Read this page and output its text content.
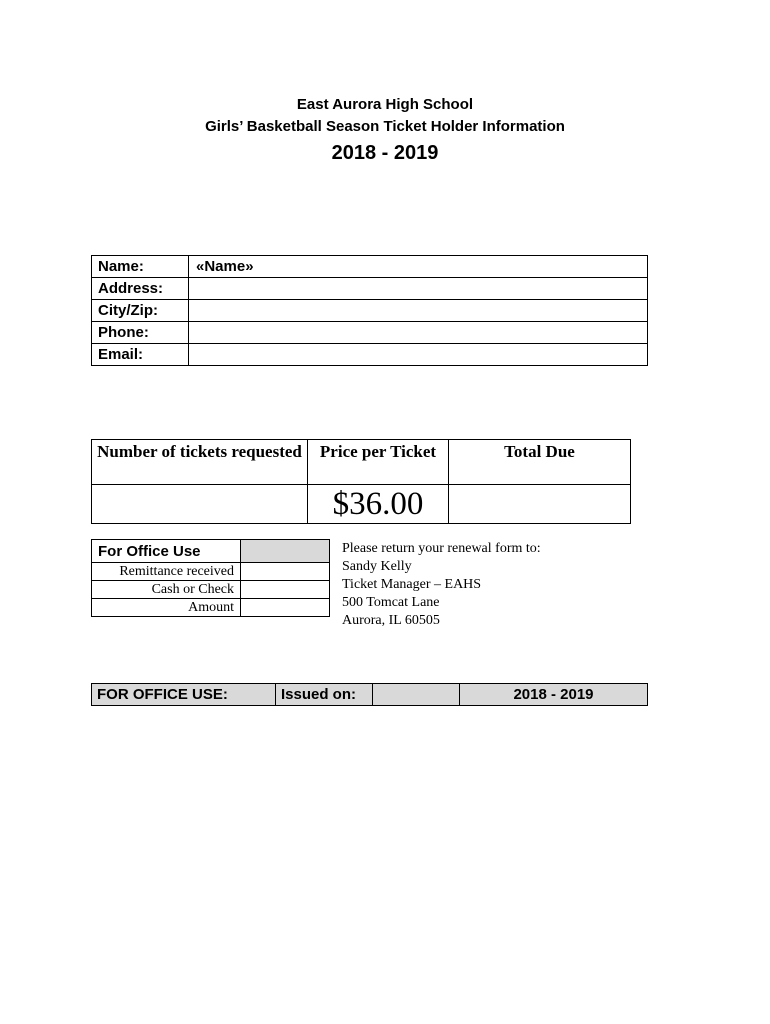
East Aurora High School
Girls’ Basketball Season Ticket Holder Information
2018 - 2019
Name:	«Name»
Address:	
City/Zip:	
Phone:	
Email:	
Number of tickets requested	Price per Ticket	Total Due
	$36.00	
For Office Use	
Remittance received	
Cash or Check	
Amount	
Please return your renewal form to:
Sandy Kelly
Ticket Manager – EAHS
500 Tomcat Lane
Aurora, IL 60505
FOR OFFICE USE:	Issued on:		2018 - 2019
